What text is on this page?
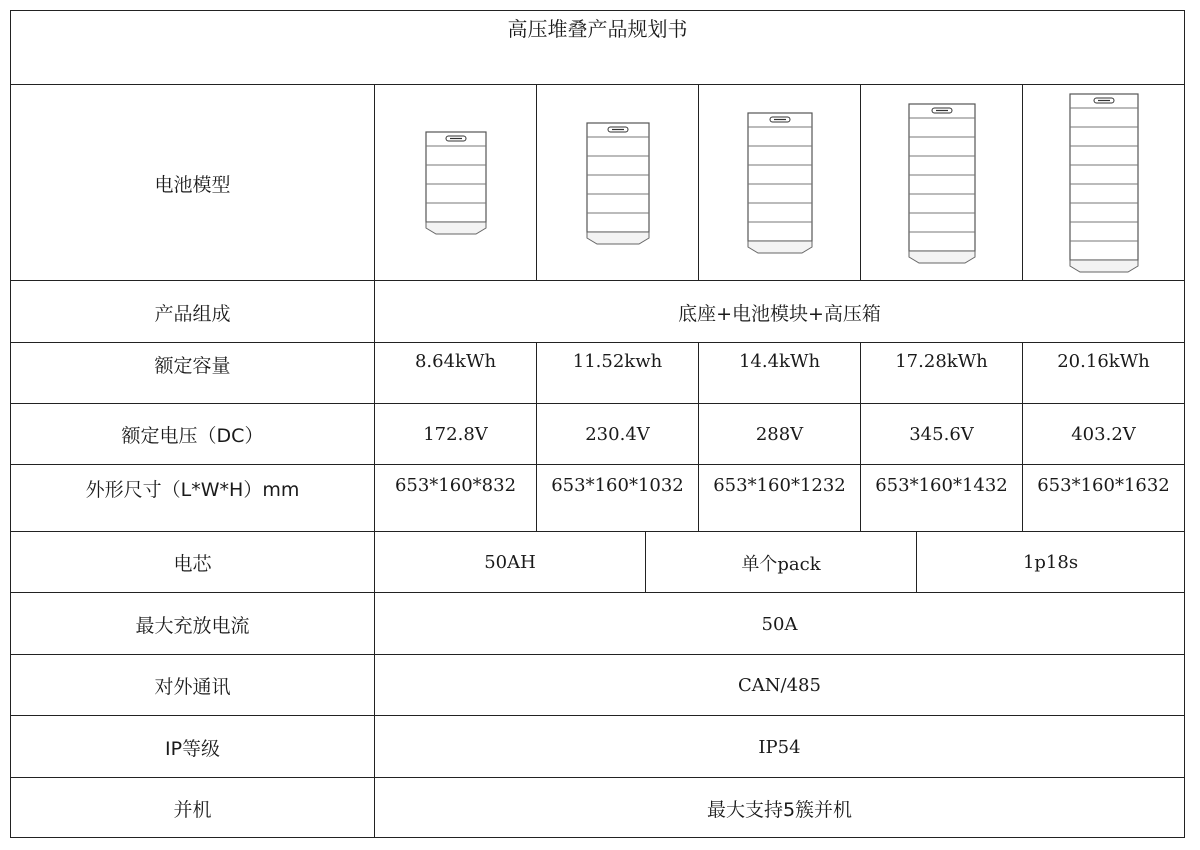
高压堆叠产品规划书
电池模型
产品组成	底座+电池模块+高压箱
额定容量	8.64kWh	11.52kwh	14.4kWh	17.28kWh	20.16kWh
额定电压（DC）	172.8V	230.4V	288V	345.6V	403.2V
外形尺寸（L*W*H）mm	653*160*832	653*160*1032	653*160*1232	653*160*1432	653*160*1632
电芯	50AH	单个pack	1p18s
最大充放电流	50A
对外通讯	CAN/485
IP等级	IP54
并机	最大支持5簇并机
